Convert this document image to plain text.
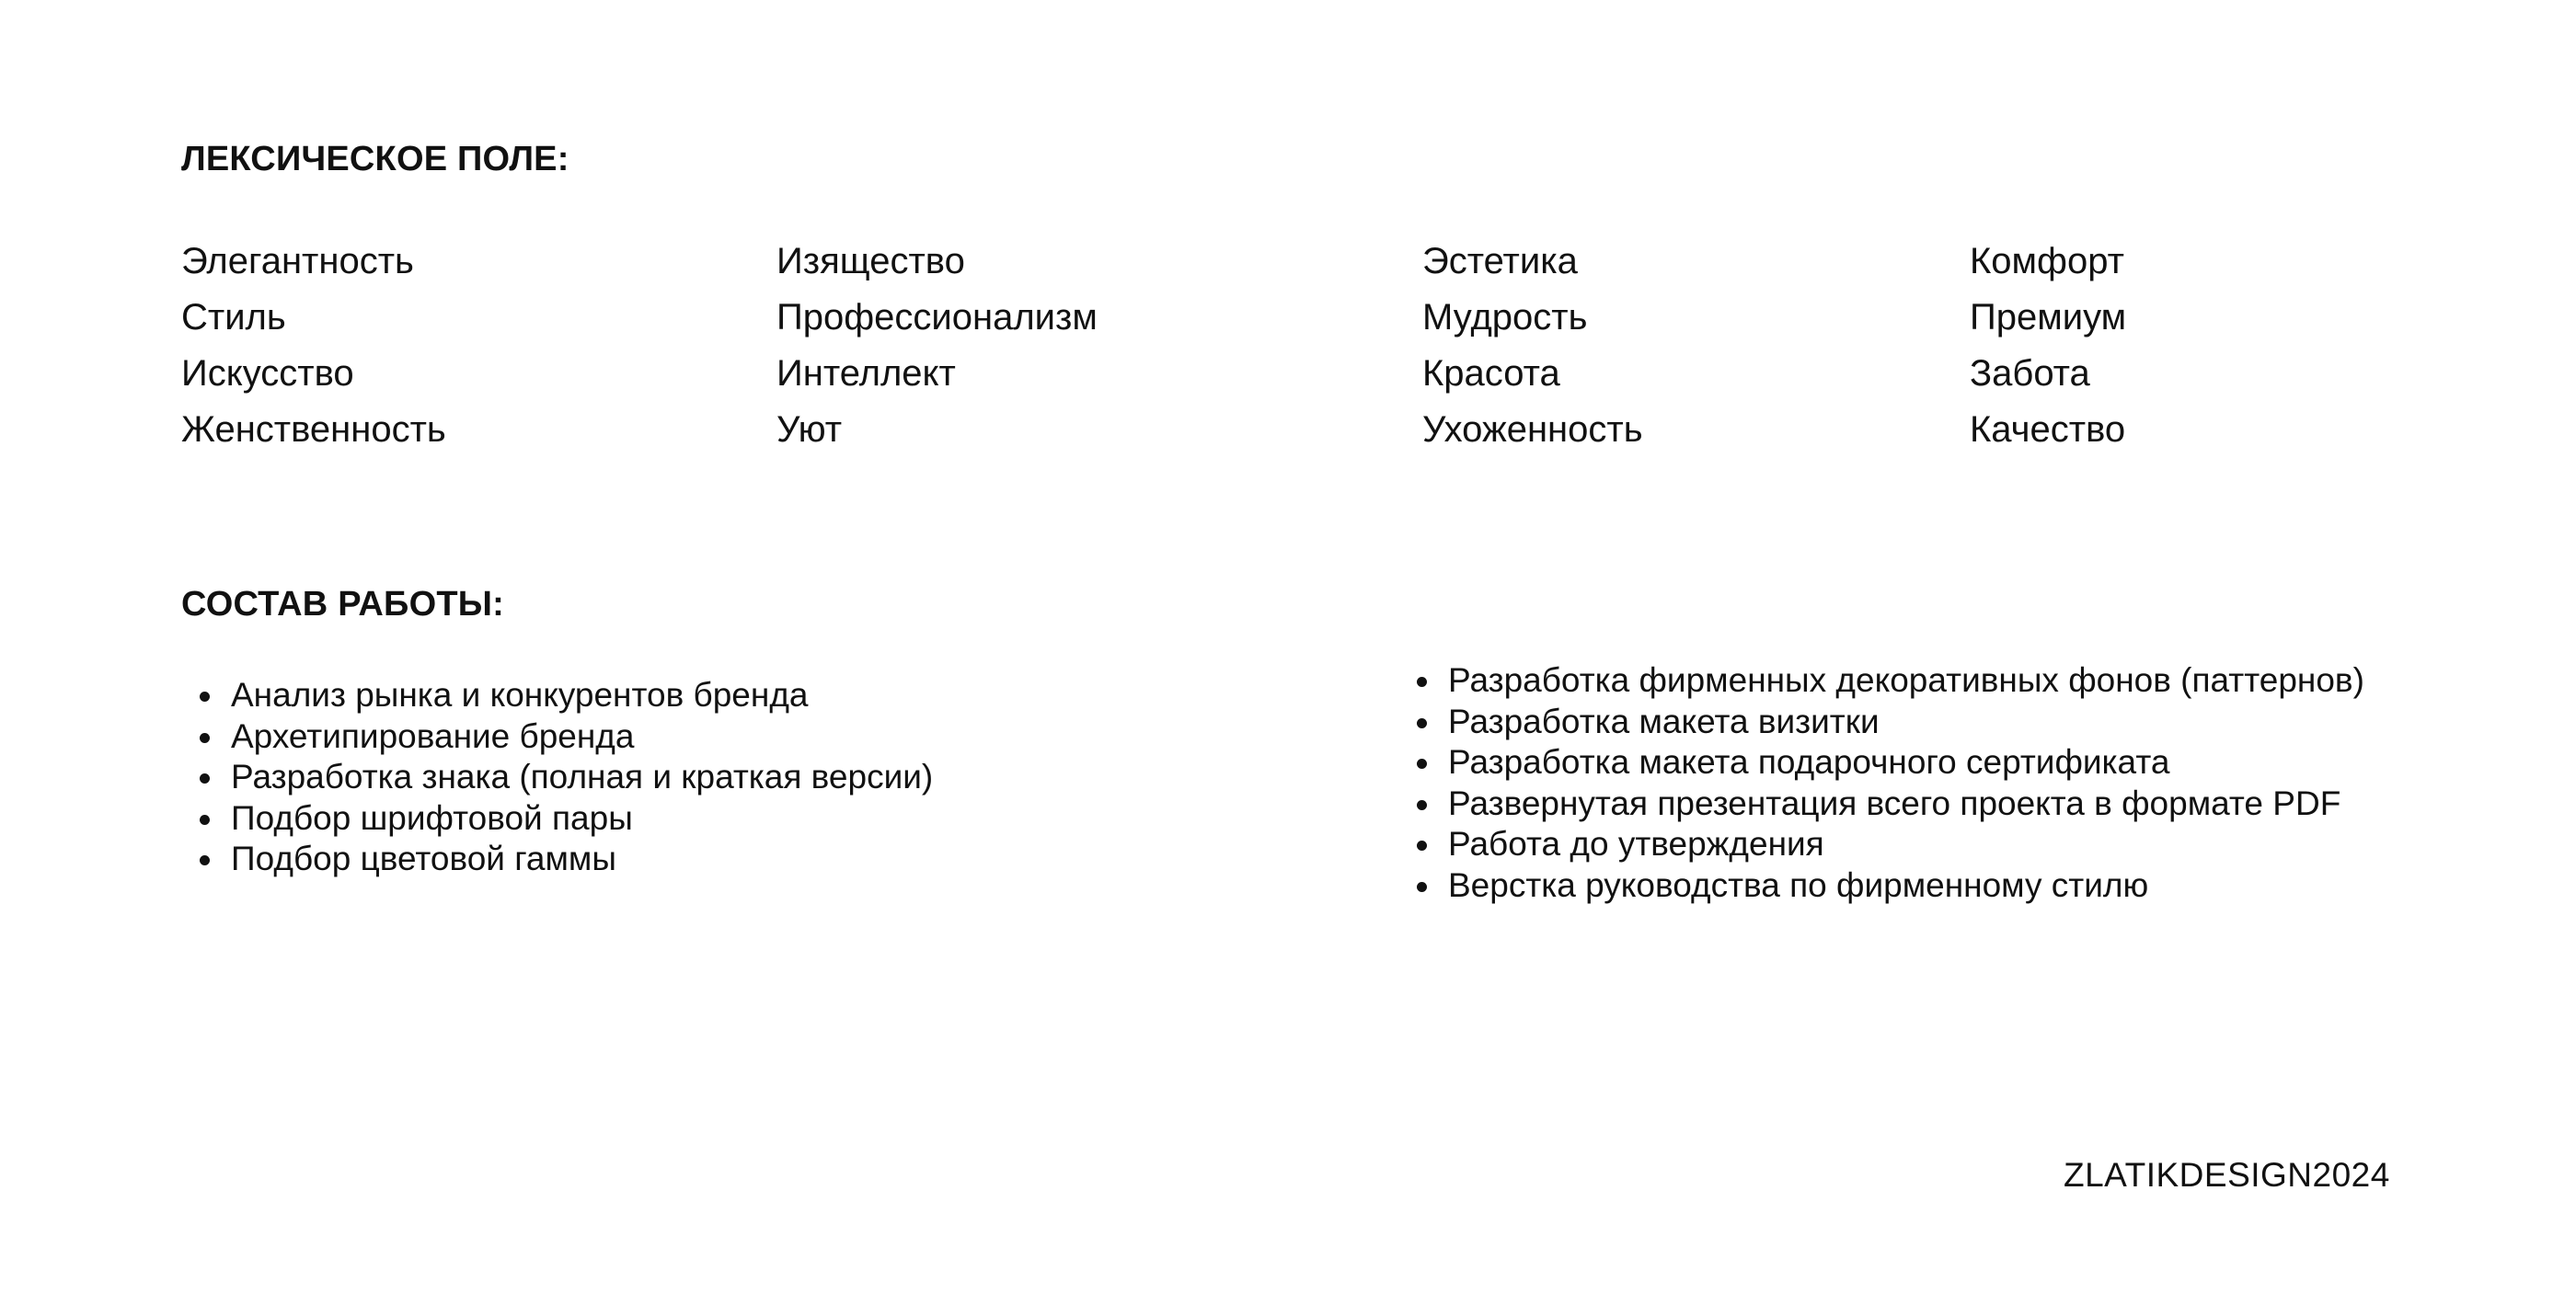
ЛЕКСИЧЕСКОЕ ПОЛЕ:
Элегантность
Стиль
Искусство
Женственность
Изящество
Профессионализм
Интеллект
Уют
Эстетика
Мудрость
Красота
Ухоженность
Комфорт
Премиум
Забота
Качество
СОСТАВ РАБОТЫ:
Анализ рынка и конкурентов бренда
Архетипирование бренда
Разработка знака (полная и краткая версии)
Подбор шрифтовой пары
Подбор цветовой гаммы
Разработка фирменных декоративных фонов (паттернов)
Разработка макета визитки
Разработка макета подарочного сертификата
Развернутая презентация всего проекта в формате PDF
Работа до утверждения
Верстка руководства по фирменному стилю

ZLATIKDESIGN2024
